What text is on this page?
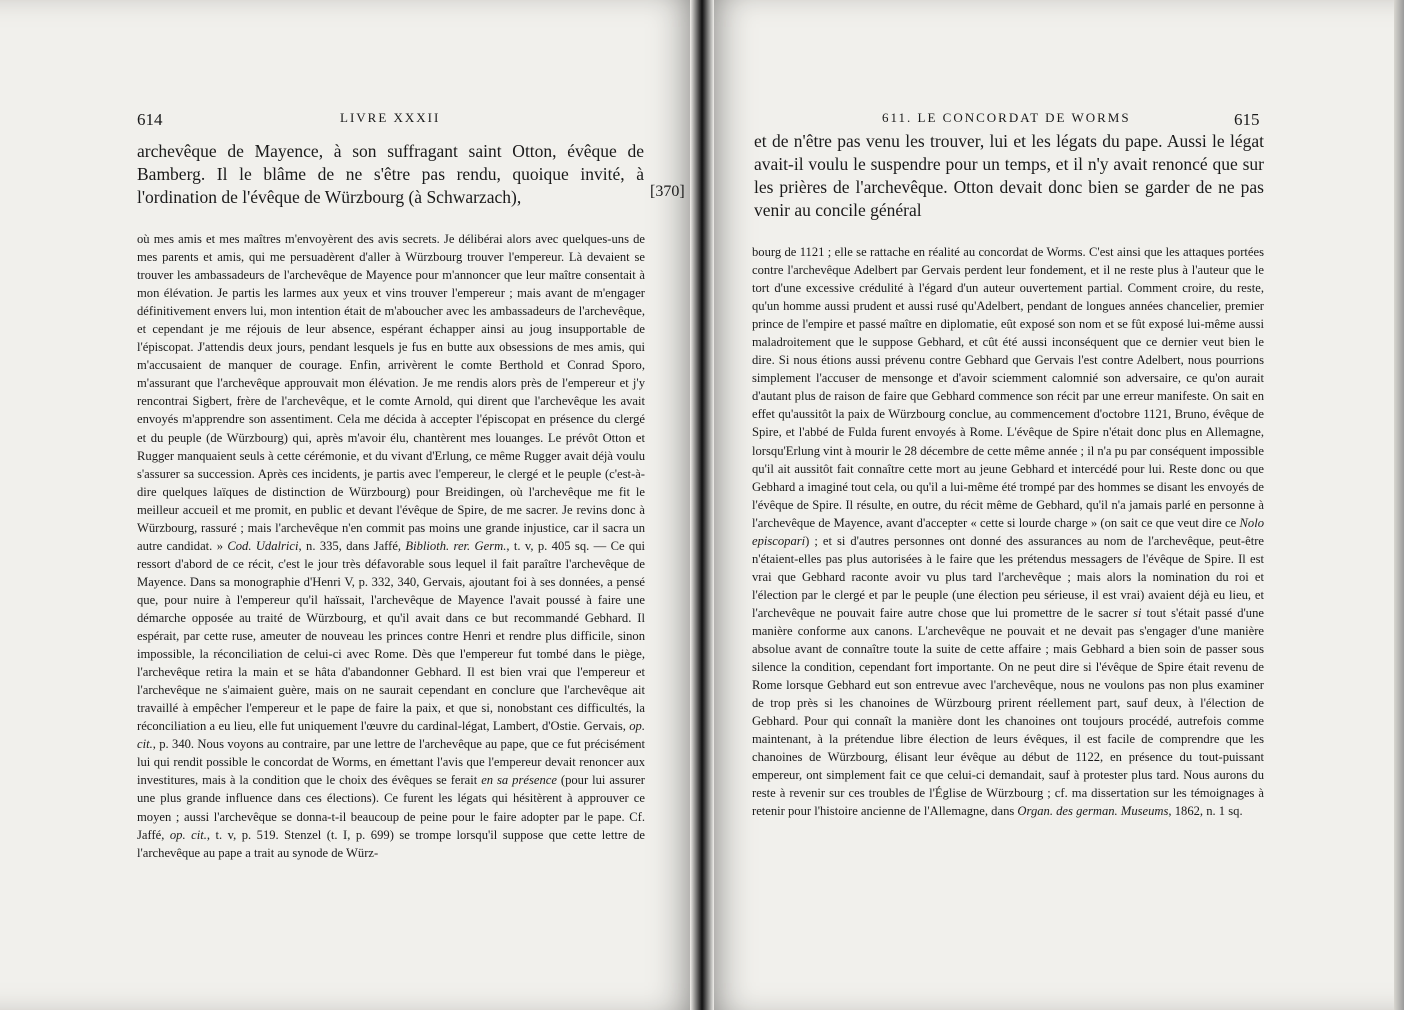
614	LIVRE XXXII
archevêque de Mayence, à son suffragant saint Otton, évêque de Bamberg. Il le blâme de ne s'être pas rendu, quoique invité, à l'ordination de l'évêque de Würzbourg (à Schwarzach),	[370]
où mes amis et mes maîtres m'envoyèrent des avis secrets. Je délibérai alors avec quelques-uns de mes parents et amis, qui me persuadèrent d'aller à Würzbourg trouver l'empereur. Là devaient se trouver les ambassadeurs de l'archevêque de Mayence pour m'annoncer que leur maître consentait à mon élévation. Je partis les larmes aux yeux et vins trouver l'empereur ; mais avant de m'engager définitivement envers lui, mon intention était de m'aboucher avec les ambassadeurs de l'archevêque, et cependant je me réjouis de leur absence, espérant échapper ainsi au joug insupportable de l'épiscopat. J'attendis deux jours, pendant lesquels je fus en butte aux obsessions de mes amis, qui m'accusaient de manquer de courage. Enfin, arrivèrent le comte Berthold et Conrad Sporo, m'assurant que l'archevêque approuvait mon élévation. Je me rendis alors près de l'empereur et j'y rencontrai Sigbert, frère de l'archevêque, et le comte Arnold, qui dirent que l'archevêque les avait envoyés m'apprendre son assentiment. Cela me décida à accepter l'épiscopat en présence du clergé et du peuple (de Würzbourg) qui, après m'avoir élu, chantèrent mes louanges. Le prévôt Otton et Rugger manquaient seuls à cette cérémonie, et du vivant d'Erlung, ce même Rugger avait déjà voulu s'assurer sa succession. Après ces incidents, je partis avec l'empereur, le clergé et le peuple (c'est-à-dire quelques laïques de distinction de Würzbourg) pour Breidingen, où l'archevêque me fit le meilleur accueil et me promit, en public et devant l'évêque de Spire, de me sacrer. Je revins donc à Würzbourg, rassuré ; mais l'archevêque n'en commit pas moins une grande injustice, car il sacra un autre candidat. » Cod. Udalrici, n. 335, dans Jaffé, Biblioth. rer. Germ., t. v, p. 405 sq. — Ce qui ressort d'abord de ce récit, c'est le jour très défavorable sous lequel il fait paraître l'archevêque de Mayence. Dans sa monographie d'Henri V, p. 332, 340, Gervais, ajoutant foi à ses données, a pensé que, pour nuire à l'empereur qu'il haïssait, l'archevêque de Mayence l'avait poussé à faire une démarche opposée au traité de Würzbourg, et qu'il avait dans ce but recommandé Gebhard. Il espérait, par cette ruse, ameuter de nouveau les princes contre Henri et rendre plus difficile, sinon impossible, la réconciliation de celui-ci avec Rome. Dès que l'empereur fut tombé dans le piège, l'archevêque retira la main et se hâta d'abandonner Gebhard. Il est bien vrai que l'empereur et l'archevêque ne s'aimaient guère, mais on ne saurait cependant en conclure que l'archevêque ait travaillé à empêcher l'empereur et le pape de faire la paix, et que si, nonobstant ces difficultés, la réconciliation a eu lieu, elle fut uniquement l'œuvre du cardinal-légat, Lambert, d'Ostie. Gervais, op. cit., p. 340. Nous voyons au contraire, par une lettre de l'archevêque au pape, que ce fut précisément lui qui rendit possible le concordat de Worms, en émettant l'avis que l'empereur devait renoncer aux investitures, mais à la condition que le choix des évêques se ferait en sa présence (pour lui assurer une plus grande influence dans ces élections). Ce furent les légats qui hésitèrent à approuver ce moyen ; aussi l'archevêque se donna-t-il beaucoup de peine pour le faire adopter par le pape. Cf. Jaffé, op. cit., t. v, p. 519. Stenzel (t. I, p. 699) se trompe lorsqu'il suppose que cette lettre de l'archevêque au pape a trait au synode de Würz-
611. LE CONCORDAT DE WORMS	615
et de n'être pas venu les trouver, lui et les légats du pape. Aussi le légat avait-il voulu le suspendre pour un temps, et il n'y avait renoncé que sur les prières de l'archevêque. Otton devait donc bien se garder de ne pas venir au concile général
bourg de 1121 ; elle se rattache en réalité au concordat de Worms. C'est ainsi que les attaques portées contre l'archevêque Adelbert par Gervais perdent leur fondement, et il ne reste plus à l'auteur que le tort d'une excessive crédulité à l'égard d'un auteur ouvertement partial. Comment croire, du reste, qu'un homme aussi prudent et aussi rusé qu'Adelbert, pendant de longues années chancelier, premier prince de l'empire et passé maître en diplomatie, eût exposé son nom et se fût exposé lui-même aussi maladroitement que le suppose Gebhard, et cût été aussi inconséquent que ce dernier veut bien le dire. Si nous étions aussi prévenu contre Gebhard que Gervais l'est contre Adelbert, nous pourrions simplement l'accuser de mensonge et d'avoir sciemment calomnié son adversaire, ce qu'on aurait d'autant plus de raison de faire que Gebhard commence son récit par une erreur manifeste. On sait en effet qu'aussitôt la paix de Würzbourg conclue, au commencement d'octobre 1121, Bruno, évêque de Spire, et l'abbé de Fulda furent envoyés à Rome. L'évêque de Spire n'était donc plus en Allemagne, lorsqu'Erlung vint à mourir le 28 décembre de cette même année ; il n'a pu par conséquent impossible qu'il ait aussitôt fait connaître cette mort au jeune Gebhard et intercédé pour lui. Reste donc ou que Gebhard a imaginé tout cela, ou qu'il a lui-même été trompé par des hommes se disant les envoyés de l'évêque de Spire. Il résulte, en outre, du récit même de Gebhard, qu'il n'a jamais parlé en personne à l'archevêque de Mayence, avant d'accepter « cette si lourde charge » (on sait ce que veut dire ce Nolo episcopari) ; et si d'autres personnes ont donné des assurances au nom de l'archevêque, peut-être n'étaient-elles pas plus autorisées à le faire que les prétendus messagers de l'évêque de Spire. Il est vrai que Gebhard raconte avoir vu plus tard l'archevêque ; mais alors la nomination du roi et l'élection par le clergé et par le peuple (une élection peu sérieuse, il est vrai) avaient déjà eu lieu, et l'archevêque ne pouvait faire autre chose que lui promettre de le sacrer si tout s'était passé d'une manière conforme aux canons. L'archevêque ne pouvait et ne devait pas s'engager d'une manière absolue avant de connaître toute la suite de cette affaire ; mais Gebhard a bien soin de passer sous silence la condition, cependant fort importante. On ne peut dire si l'évêque de Spire était revenu de Rome lorsque Gebhard eut son entrevue avec l'archevêque, nous ne voulons pas non plus examiner de trop près si les chanoines de Würzbourg prirent réellement part, sauf deux, à l'élection de Gebhard. Pour qui connaît la manière dont les chanoines ont toujours procédé, autrefois comme maintenant, à la prétendue libre élection de leurs évêques, il est facile de comprendre que les chanoines de Würzbourg, élisant leur évêque au début de 1122, en présence du tout-puissant empereur, ont simplement fait ce que celui-ci demandait, sauf à protester plus tard. Nous aurons du reste à revenir sur ces troubles de l'Église de Würzbourg ; cf. ma dissertation sur les témoignages à retenir pour l'histoire ancienne de l'Allemagne, dans Organ. des german. Museums, 1862, n. 1 sq.
